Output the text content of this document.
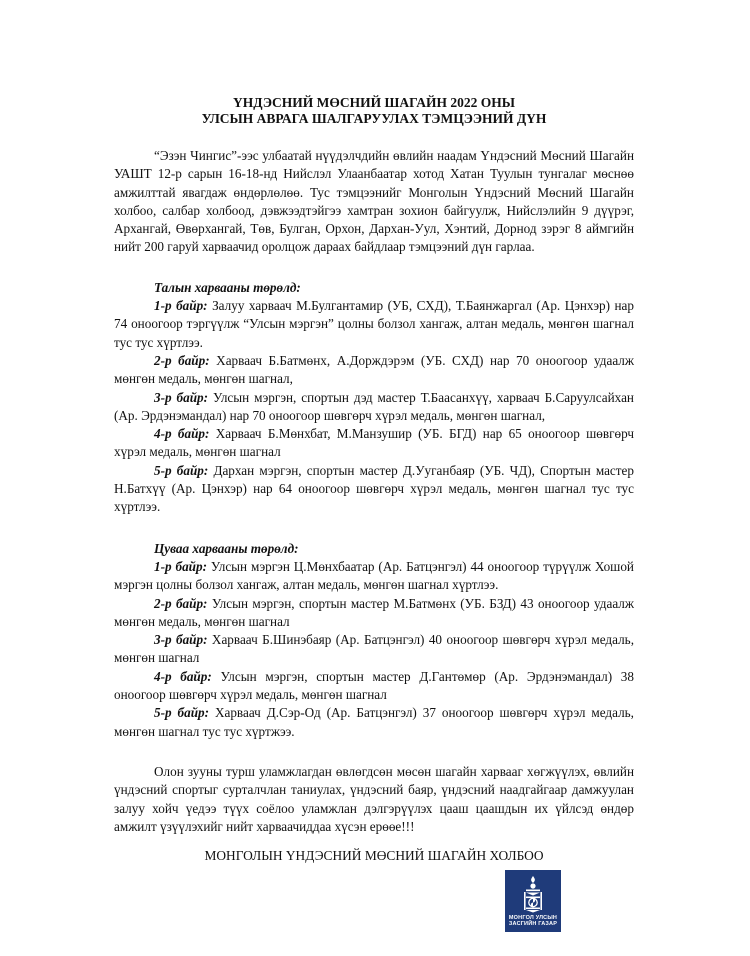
ҮНДЭСНИЙ МӨСНИЙ ШАГАЙН 2022 ОНЫ

УЛСЫН АВРАГА ШАЛГАРУУЛАХ ТЭМЦЭЭНИЙ ДҮН

“Эзэн Чингис”-ээс улбаатай нүүдэлчдийн өвлийн наадам Үндэсний Мөсний Шагайн УАШТ 12-р сарын 16-18-нд Нийслэл Улаанбаатар хотод Хатан Туулын тунгалаг мөснөө амжилттай явагдаж өндөрлөлөө. Тус тэмцээнийг Монголын Үндэсний Мөсний Шагайн холбоо, салбар холбоод, дэвжээдтэйгээ хамтран зохион байгуулж, Нийслэлийн 9 дүүрэг, Архангай, Өвөрхангай, Төв, Булган, Орхон, Дархан-Уул, Хэнтий, Дорнод зэрэг 8 аймгийн нийт 200 гаруй харваачид оролцож дараах байдлаар тэмцээний дүн гарлаа.

Талын харвааны төрөлд:

1-р байр: Залуу харваач М.Булгантамир (УБ, СХД), Т.Баянжаргал (Ар. Цэнхэр) нар 74 оноогоор тэргүүлж “Улсын мэргэн” цолны болзол хангаж, алтан медаль, мөнгөн шагнал тус тус хүртлээ.

2-р байр: Харваач Б.Батмөнх, А.Дорждэрэм (УБ. СХД) нар 70 оноогоор удаалж мөнгөн медаль, мөнгөн шагнал,

3-р байр: Улсын мэргэн, спортын дэд мастер Т.Баасанхүү, харваач Б.Саруулсайхан (Ар. Эрдэнэмандал) нар 70 оноогоор шөвгөрч хүрэл медаль, мөнгөн шагнал,

4-р байр: Харваач Б.Мөнхбат, М.Манзушир (УБ. БГД) нар 65 оноогоор шөвгөрч хүрэл медаль, мөнгөн шагнал

5-р байр: Дархан мэргэн, спортын мастер Д.Ууганбаяр (УБ. ЧД), Спортын мастер Н.Батхүү (Ар. Цэнхэр) нар 64 оноогоор шөвгөрч хүрэл медаль, мөнгөн шагнал тус тус хүртлээ.

Цуваа харвааны төрөлд:

1-р байр: Улсын мэргэн Ц.Мөнхбаатар (Ар. Батцэнгэл) 44 оноогоор түрүүлж Хошой мэргэн цолны болзол хангаж, алтан медаль, мөнгөн шагнал хүртлээ.

2-р байр: Улсын мэргэн, спортын мастер М.Батмөнх (УБ. БЗД) 43 оноогоор удаалж мөнгөн медаль, мөнгөн шагнал

3-р байр: Харваач Б.Шинэбаяр (Ар. Батцэнгэл) 40 оноогоор шөвгөрч хүрэл медаль, мөнгөн шагнал

4-р байр: Улсын мэргэн, спортын мастер Д.Гантөмөр (Ар. Эрдэнэмандал) 38 оноогоор шөвгөрч хүрэл медаль, мөнгөн шагнал

5-р байр: Харваач Д.Сэр-Од (Ар. Батцэнгэл) 37 оноогоор шөвгөрч хүрэл медаль, мөнгөн шагнал тус тус хүртжээ.

Олон зууны турш уламжлагдан өвлөгдсөн мөсөн шагайн харвааг хөгжүүлэх, өвлийн үндэсний спортыг сурталчлан таниулах, үндэсний баяр, үндэсний наадгайгаар дамжуулан залуу хойч үедээ түүх соёлоо уламжлан дэлгэрүүлэх цааш цаашдын их үйлсэд өндөр амжилт үзүүлэхийг нийт харваачиддаа хүсэн ерөөе!!!

МОНГОЛЫН ҮНДЭСНИЙ МӨСНИЙ ШАГАЙН ХОЛБОО
МОНГОЛ УЛСЫН
ЗАСГИЙН ГАЗАР
